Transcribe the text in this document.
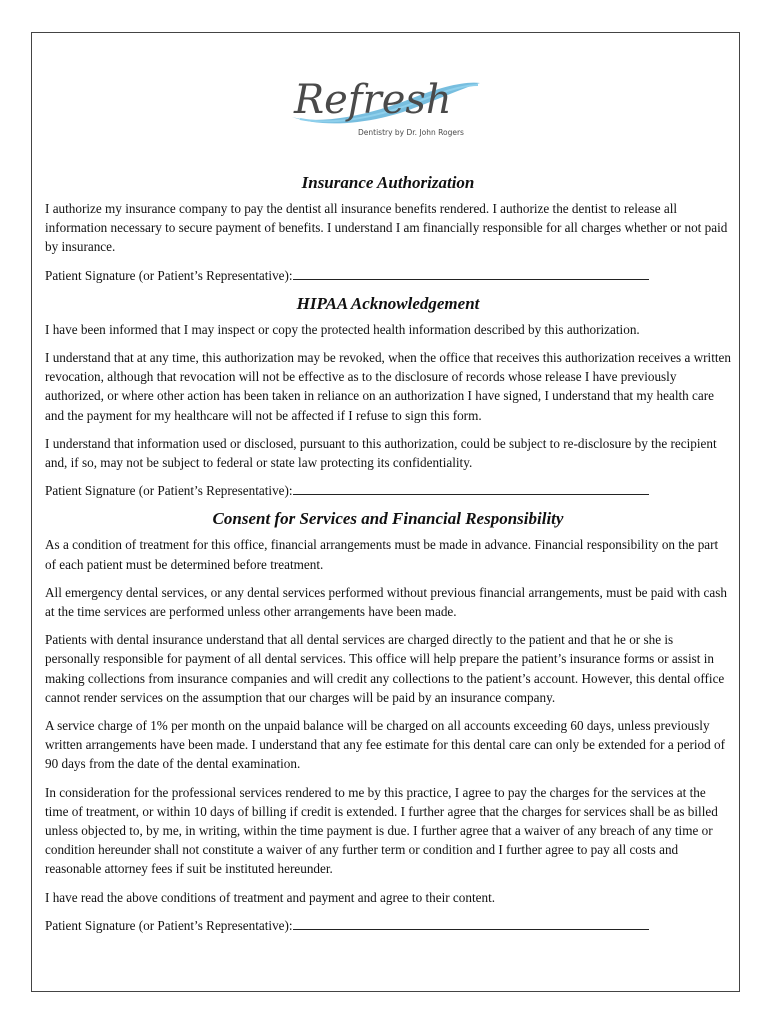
Refresh
Dentistry by Dr. John Rogers
Insurance Authorization

I authorize my insurance company to pay the dentist all insurance benefits rendered. I authorize the dentist to release all information necessary to secure payment of benefits. I understand I am financially responsible for all charges whether or not paid by insurance.

Patient Signature (or Patient’s Representative):
HIPAA Acknowledgement

I have been informed that I may inspect or copy the protected health information described by this authorization.

I understand that at any time, this authorization may be revoked, when the office that receives this authorization receives a written revocation, although that revocation will not be effective as to the disclosure of records whose release I have previously authorized, or where other action has been taken in reliance on an authorization I have signed, I understand that my health care and the payment for my healthcare will not be affected if I refuse to sign this form.

I understand that information used or disclosed, pursuant to this authorization, could be subject to re-disclosure by the recipient and, if so, may not be subject to federal or state law protecting its confidentiality.

Patient Signature (or Patient’s Representative):
Consent for Services and Financial Responsibility

As a condition of treatment for this office, financial arrangements must be made in advance. Financial responsibility on the part of each patient must be determined before treatment.

All emergency dental services, or any dental services performed without previous financial arrangements, must be paid with cash at the time services are performed unless other arrangements have been made.

Patients with dental insurance understand that all dental services are charged directly to the patient and that he or she is personally responsible for payment of all dental services. This office will help prepare the patient’s insurance forms or assist in making collections from insurance companies and will credit any collections to the patient’s account. However, this dental office cannot render services on the assumption that our charges will be paid by an insurance company.

A service charge of 1% per month on the unpaid balance will be charged on all accounts exceeding 60 days, unless previously written arrangements have been made. I understand that any fee estimate for this dental care can only be extended for a period of 90 days from the date of the dental examination.

In consideration for the professional services rendered to me by this practice, I agree to pay the charges for the services at the time of treatment, or within 10 days of billing if credit is extended. I further agree that the charges for services shall be as billed unless objected to, by me, in writing, within the time payment is due. I further agree that a waiver of any breach of any time or condition hereunder shall not constitute a waiver of any further term or condition and I further agree to pay all costs and reasonable attorney fees if suit be instituted hereunder.

I have read the above conditions of treatment and payment and agree to their content.

Patient Signature (or Patient’s Representative):
